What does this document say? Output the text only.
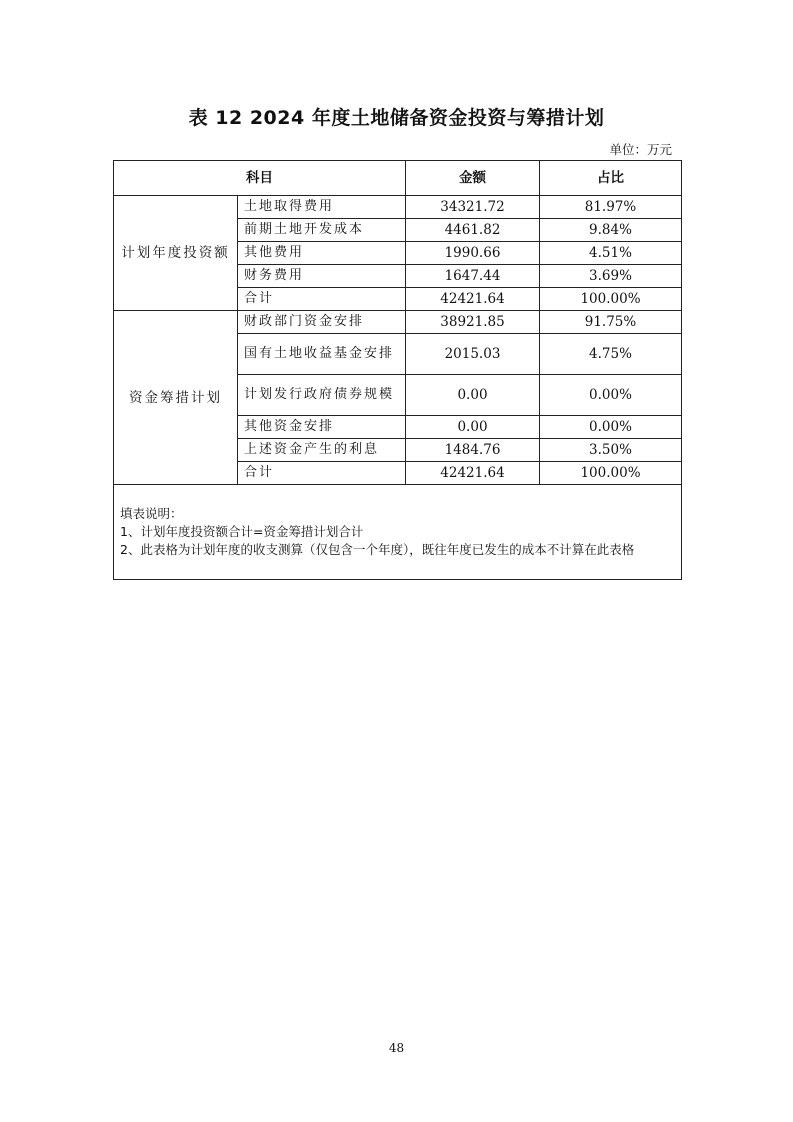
表 12 2024 年度土地储备资金投资与筹措计划
单位：万元
科目		金额	占比
计划年度投资额	土地取得费用	34321.72	81.97%
	前期土地开发成本	4461.82	9.84%
	其他费用	1990.66	4.51%
	财务费用	1647.44	3.69%
	合计	42421.64	100.00%
资金筹措计划	财政部门资金安排	38921.85	91.75%
	国有土地收益基金安排	2015.03	4.75%
	计划发行政府债券规模	0.00	0.00%
	其他资金安排	0.00	0.00%
	上述资金产生的利息	1484.76	3.50%
	合计	42421.64	100.00%

填表说明：
1、计划年度投资额合计=资金筹措计划合计
2、此表格为计划年度的收支测算（仅包含一个年度），既往年度已发生的成本不计算在此表格			
48
